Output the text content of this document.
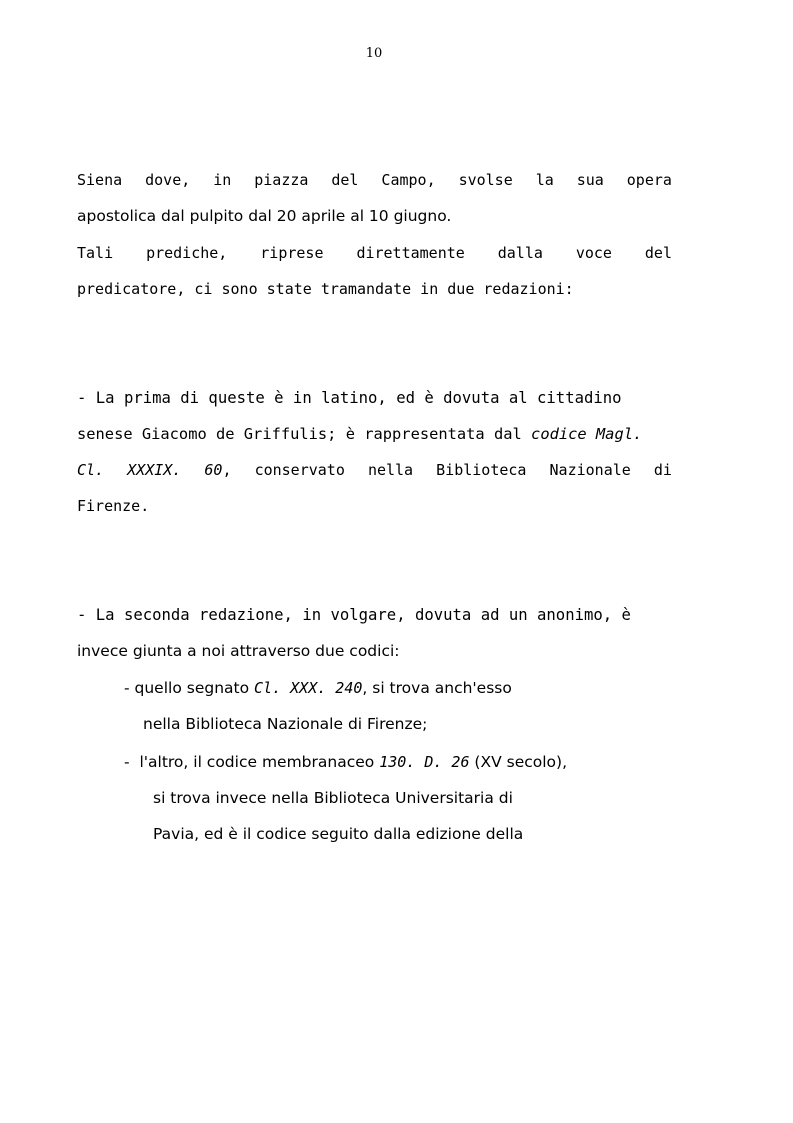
10
Siena dove, in piazza del Campo, svolse la sua opera
apostolica dal pulpito dal 20 aprile al 10 giugno.
Tali prediche, riprese direttamente dalla voce del
predicatore, ci sono state tramandate in due redazioni:
- La prima di queste è in latino, ed è dovuta al cittadino
senese Giacomo de Griffulis; è rappresentata dal codice Magl.
Cl. XXXIX. 60, conservato nella Biblioteca Nazionale di
Firenze.
- La seconda redazione, in volgare, dovuta ad un anonimo, è
invece giunta a noi attraverso due codici:
- quello segnato Cl. XXX. 240, si trova anch'esso
nella Biblioteca Nazionale di Firenze;
-  l'altro, il codice membranaceo 130. D. 26 (XV secolo),
si trova invece nella Biblioteca Universitaria di
Pavia, ed è il codice seguito dalla edizione della
